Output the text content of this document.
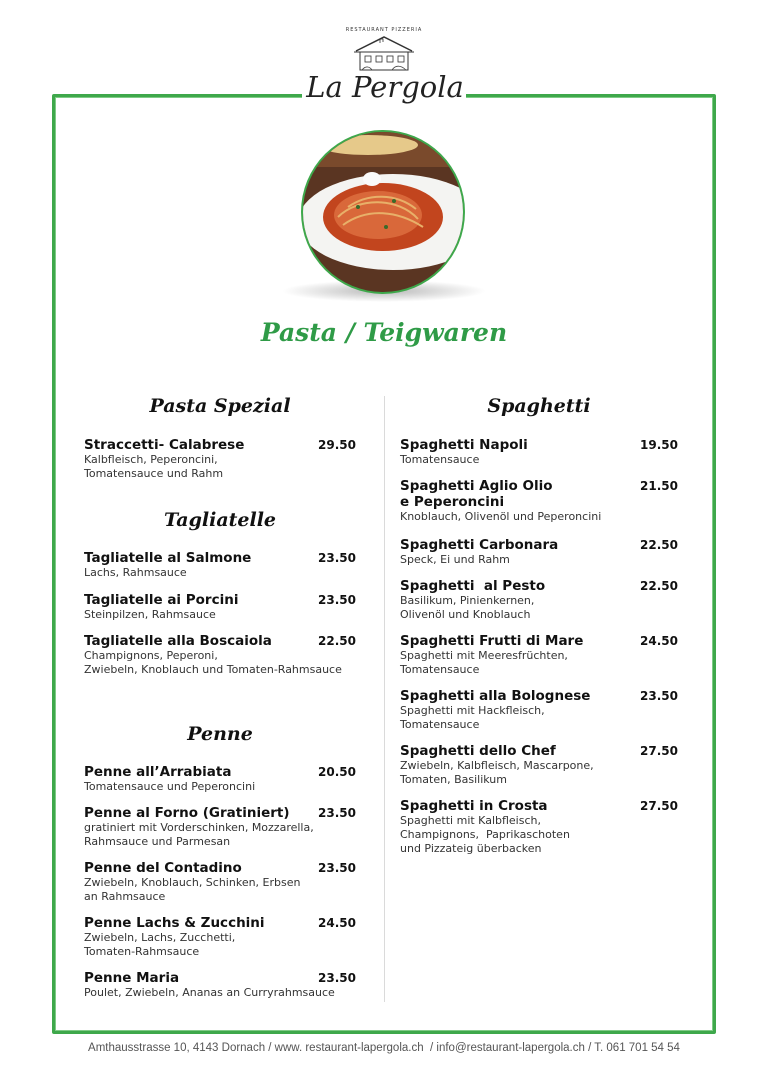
RESTAURANT PIZZERIA
La Pergola
Pasta / Teigwaren
Pasta Spezial
Straccetti- Calabrese	29.50
Kalbfleisch, Peperoncini,
Tomatensauce und Rahm
Tagliatelle
Tagliatelle al Salmone	23.50
Lachs, Rahmsauce
Tagliatelle ai Porcini	23.50
Steinpilzen, Rahmsauce
Tagliatelle alla Boscaiola	22.50
Champignons, Peperoni,
Zwiebeln, Knoblauch und Tomaten-Rahmsauce
Penne
Penne all’Arrabiata	20.50
Tomatensauce und Peperoncini
Penne al Forno (Gratiniert)	23.50
gratiniert mit Vorderschinken, Mozzarella,
Rahmsauce und Parmesan
Penne del Contadino	23.50
Zwiebeln, Knoblauch, Schinken, Erbsen
an Rahmsauce
Penne Lachs & Zucchini	24.50
Zwiebeln, Lachs, Zucchetti,
Tomaten-Rahmsauce
Penne Maria	23.50
Poulet, Zwiebeln, Ananas an Curryrahmsauce
Spaghetti
Spaghetti Napoli	19.50
Tomatensauce
Spaghetti Aglio Olio
e Peperoncini
21.50
Knoblauch, Olivenöl und Peperoncini
Spaghetti Carbonara	22.50
Speck, Ei und Rahm
Spaghetti  al Pesto	22.50
Basilikum, Pinienkernen,
Olivenöl und Knoblauch
Spaghetti Frutti di Mare	24.50
Spaghetti mit Meeresfrüchten,
Tomatensauce
Spaghetti alla Bolognese	23.50
Spaghetti mit Hackfleisch,
Tomatensauce
Spaghetti dello Chef	27.50
Zwiebeln, Kalbfleisch, Mascarpone,
Tomaten, Basilikum
Spaghetti in Crosta	27.50
Spaghetti mit Kalbfleisch,
Champignons,  Paprikaschoten
und Pizzateig überbacken
Amthausstrasse 10, 4143 Dornach / www. restaurant-lapergola.ch  / info@restaurant-lapergola.ch / T. 061 701 54 54
